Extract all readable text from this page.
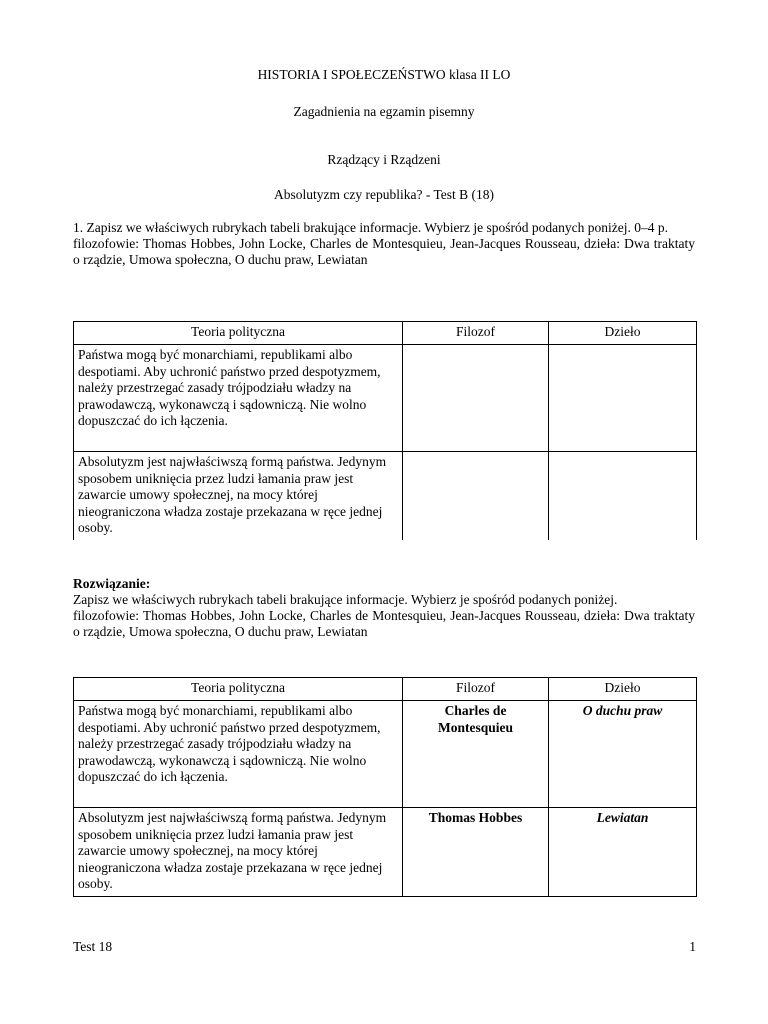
HISTORIA I SPOŁECZEŃSTWO klasa II LO
Zagadnienia na egzamin pisemny
Rządzący i Rządzeni
Absolutyzm czy republika? - Test B (18)
1. Zapisz we właściwych rubrykach tabeli brakujące informacje. Wybierz je spośród podanych poniżej. 0–4 p.
filozofowie: Thomas Hobbes, John Locke, Charles de Montesquieu, Jean-Jacques Rousseau, dzieła: Dwa traktaty o rządzie, Umowa społeczna, O duchu praw, Lewiatan
Teoria polityczna	Filozof	Dzieło
Państwa mogą być monarchiami, republikami albo despotiami. Aby uchronić państwo przed despotyzmem, należy przestrzegać zasady trójpodziału władzy na prawodawczą, wykonawczą i sądowniczą. Nie wolno dopuszczać do ich łączenia.		
Absolutyzm jest najwłaściwszą formą państwa. Jedynym sposobem uniknięcia przez ludzi łamania praw jest zawarcie umowy społecznej, na mocy której nieograniczona władza zostaje przekazana w ręce jednej osoby.		
Rozwiązanie:
Zapisz we właściwych rubrykach tabeli brakujące informacje. Wybierz je spośród podanych poniżej.
filozofowie: Thomas Hobbes, John Locke, Charles de Montesquieu, Jean-Jacques Rousseau, dzieła: Dwa traktaty o rządzie, Umowa społeczna, O duchu praw, Lewiatan
Teoria polityczna	Filozof	Dzieło
Państwa mogą być monarchiami, republikami albo despotiami. Aby uchronić państwo przed despotyzmem, należy przestrzegać zasady trójpodziału władzy na prawodawczą, wykonawczą i sądowniczą. Nie wolno dopuszczać do ich łączenia.	Charles de Montesquieu	O duchu praw
Absolutyzm jest najwłaściwszą formą państwa. Jedynym sposobem uniknięcia przez ludzi łamania praw jest zawarcie umowy społecznej, na mocy której nieograniczona władza zostaje przekazana w ręce jednej osoby.	Thomas Hobbes	Lewiatan
Test 18	1
